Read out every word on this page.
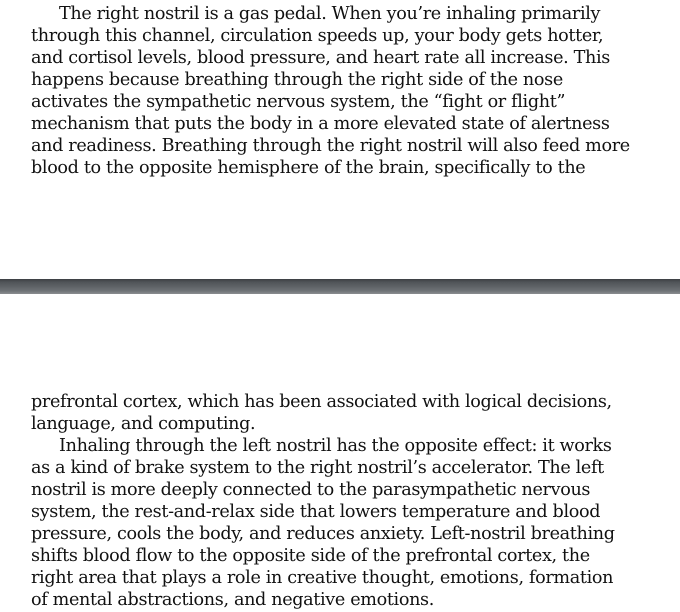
The right nostril is a gas pedal. When you’re inhaling primarily
through this channel, circulation speeds up, your body gets hotter,
and cortisol levels, blood pressure, and heart rate all increase. This
happens because breathing through the right side of the nose
activates the sympathetic nervous system, the “fight or flight”
mechanism that puts the body in a more elevated state of alertness
and readiness. Breathing through the right nostril will also feed more
blood to the opposite hemisphere of the brain, specifically to the
prefrontal cortex, which has been associated with logical decisions,
language, and computing.
Inhaling through the left nostril has the opposite effect: it works
as a kind of brake system to the right nostril’s accelerator. The left
nostril is more deeply connected to the parasympathetic nervous
system, the rest-and-relax side that lowers temperature and blood
pressure, cools the body, and reduces anxiety. Left-nostril breathing
shifts blood flow to the opposite side of the prefrontal cortex, the
right area that plays a role in creative thought, emotions, formation
of mental abstractions, and negative emotions.
